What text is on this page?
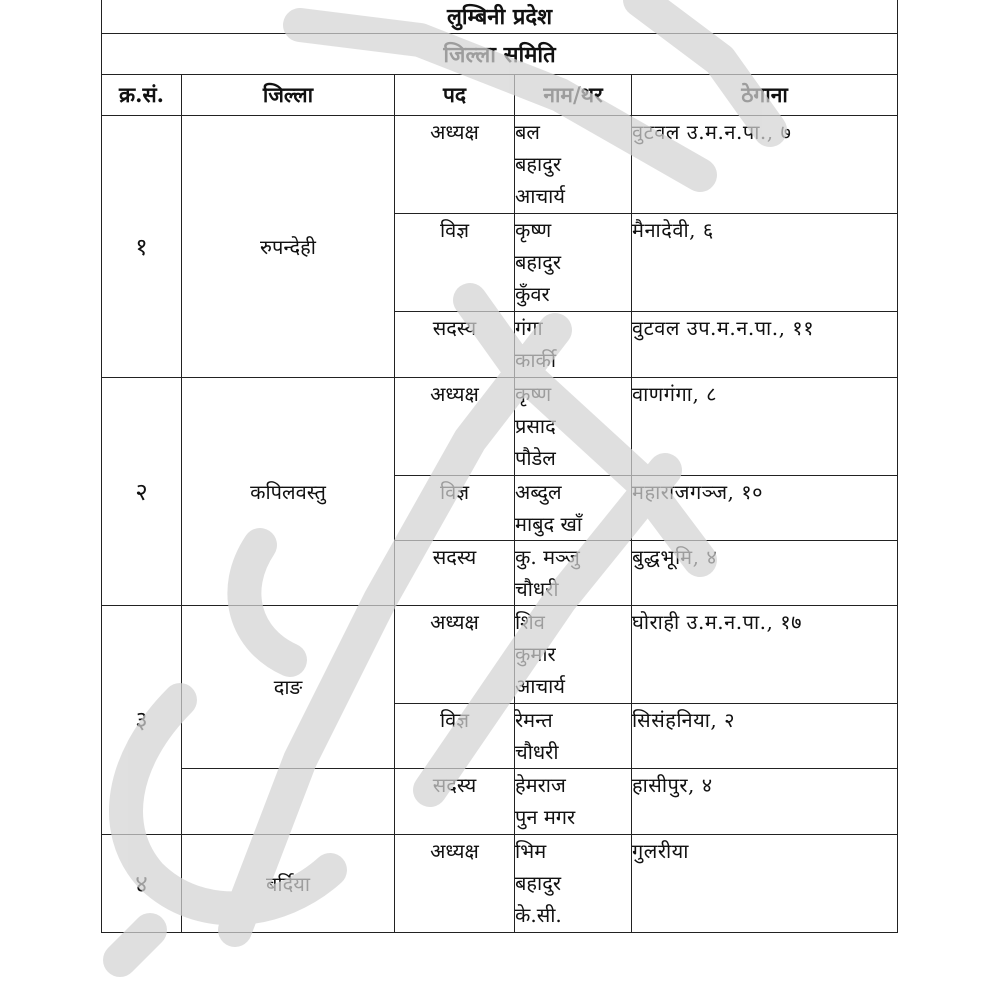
लुम्बिनी प्रदेश				
जिल्ला समिति				
क्र.सं.	जिल्ला	पद	नाम/थर	ठेगाना
१	रुपन्देही	अध्यक्ष	बल
बहादुर
आचार्य	वुटवल उ.म.न.पा., ७
		विज्ञ	कृष्ण
बहादुर
कुँवर	मैनादेवी, ६
		सदस्य	गंगा
कार्की	वुटवल उप.म.न.पा., ११
२	कपिलवस्तु	अध्यक्ष	कृष्ण
प्रसाद
पौडेल	वाणगंगा, ८
		विज्ञ	अब्दुल
माबुद खाँ	महाराजगञ्ज, १०
		सदस्य	कु. मञ्जु
चौधरी	बुद्धभूमि, ४
३	दाङ	अध्यक्ष	शिव
कुमार
आचार्य	घोराही उ.म.न.पा., १७
		विज्ञ	रेमन्त
चौधरी	सिसंहनिया, २
		सदस्य	हेमराज
पुन मगर	हासीपुर, ४
४	बर्दिया	अध्यक्ष	भिम
बहादुर
के.सी.	गुलरीया
